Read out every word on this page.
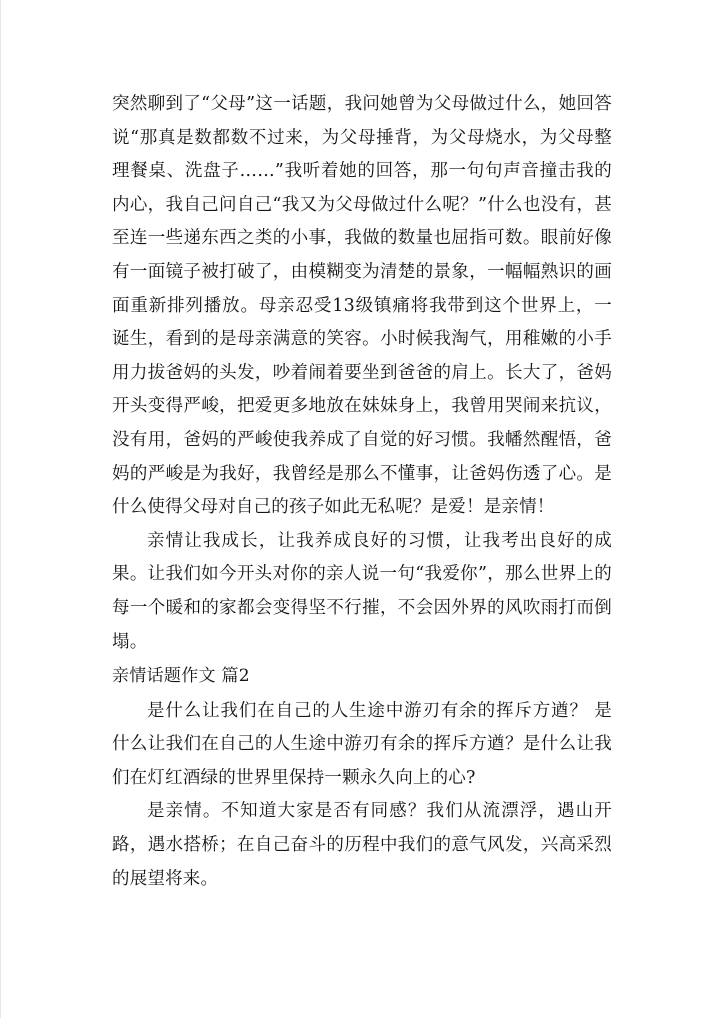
突然聊到了“父母”这一话题，我问她曾为父母做过什么，她回答说“那真是数都数不过来，为父母捶背，为父母烧水，为父母整理餐桌、洗盘子……”我听着她的回答，那一句句声音撞击我的内心，我自己问自己“我又为父母做过什么呢？”什么也没有，甚至连一些递东西之类的小事，我做的数量也屈指可数。眼前好像有一面镜子被打破了，由模糊变为清楚的景象，一幅幅熟识的画面重新排列播放。母亲忍受13级镇痛将我带到这个世界上，一诞生，看到的是母亲满意的笑容。小时候我淘气，用稚嫩的小手用力拔爸妈的头发，吵着闹着要坐到爸爸的肩上。长大了，爸妈开头变得严峻，把爱更多地放在妹妹身上，我曾用哭闹来抗议，没有用，爸妈的严峻使我养成了自觉的好习惯。我幡然醒悟，爸妈的严峻是为我好，我曾经是那么不懂事，让爸妈伤透了心。是什么使得父母对自己的孩子如此无私呢？是爱！是亲情！

亲情让我成长，让我养成良好的习惯，让我考出良好的成果。让我们如今开头对你的亲人说一句“我爱你”，那么世界上的每一个暖和的家都会变得坚不行摧，不会因外界的风吹雨打而倒塌。

亲情话题作文 篇2

是什么让我们在自己的人生途中游刃有余的挥斥方遒？ 是什么让我们在自己的人生途中游刃有余的挥斥方遒？是什么让我们在灯红酒绿的世界里保持一颗永久向上的心?

是亲情。不知道大家是否有同感？我们从流漂浮，遇山开路，遇水搭桥；在自己奋斗的历程中我们的意气风发，兴高采烈的展望将来。
